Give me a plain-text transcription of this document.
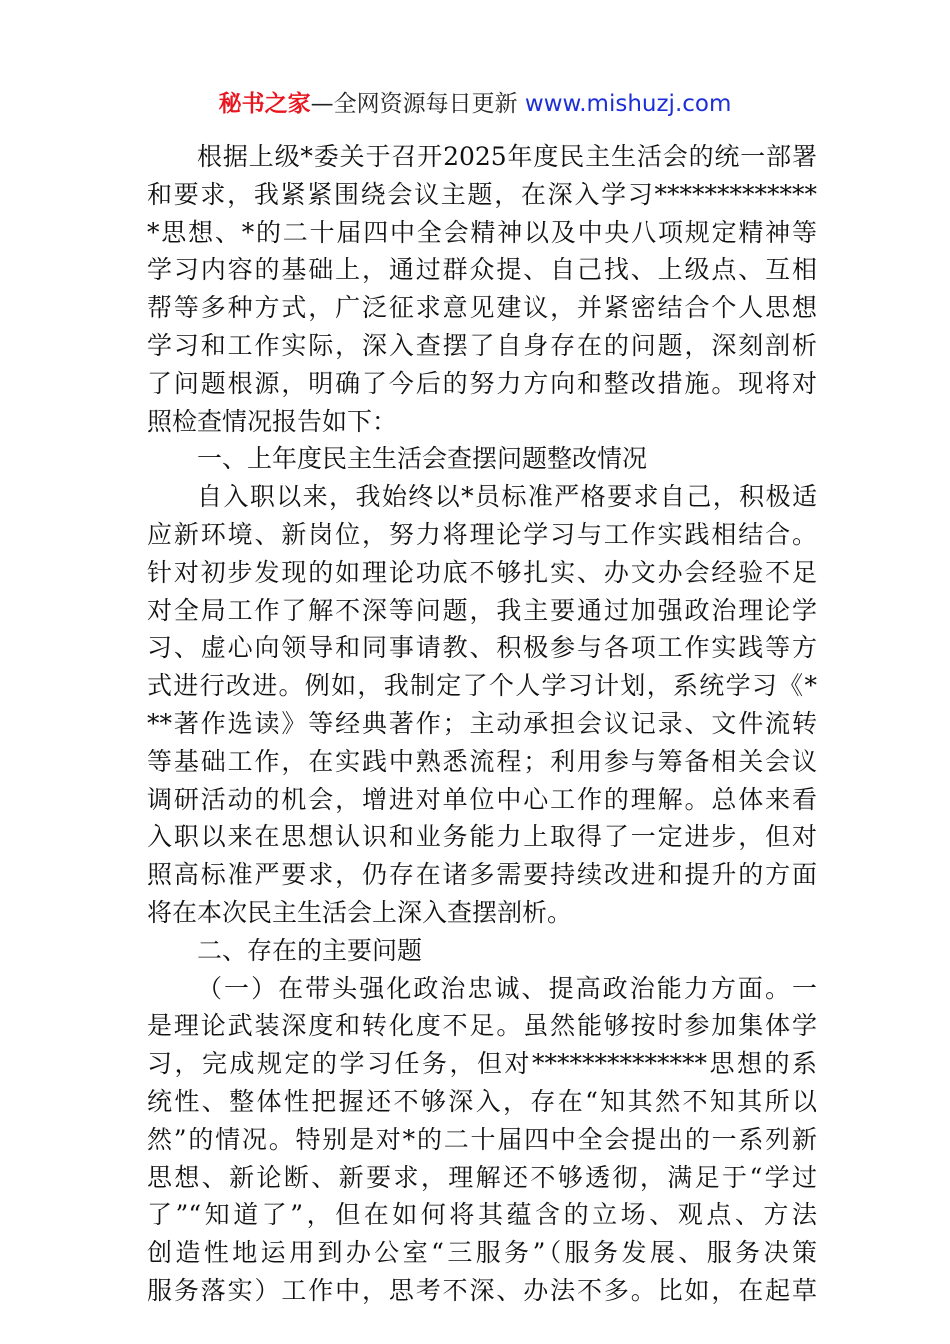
秘书之家—全网资源每日更新 www.mishuzj.com
根据上级*委关于召开2025年度民主生活会的统一部署
和要求，我紧紧围绕会议主题，在深入学习*************
*思想、*的二十届四中全会精神以及中央八项规定精神等
学习内容的基础上，通过群众提、自己找、上级点、互相
帮等多种方式，广泛征求意见建议，并紧密结合个人思想
学习和工作实际，深入查摆了自身存在的问题，深刻剖析
了问题根源，明确了今后的努力方向和整改措施。现将对
照检查情况报告如下：
一、上年度民主生活会查摆问题整改情况
自入职以来，我始终以*员标准严格要求自己，积极适
应新环境、新岗位，努力将理论学习与工作实践相结合。
针对初步发现的如理论功底不够扎实、办文办会经验不足
对全局工作了解不深等问题，我主要通过加强政治理论学
习、虚心向领导和同事请教、积极参与各项工作实践等方
式进行改进。例如，我制定了个人学习计划，系统学习《*
**著作选读》等经典著作；主动承担会议记录、文件流转
等基础工作，在实践中熟悉流程；利用参与筹备相关会议
调研活动的机会，增进对单位中心工作的理解。总体来看
入职以来在思想认识和业务能力上取得了一定进步，但对
照高标准严要求，仍存在诸多需要持续改进和提升的方面
将在本次民主生活会上深入查摆剖析。
二、存在的主要问题
（一）在带头强化政治忠诚、提高政治能力方面。一
是理论武装深度和转化度不足。虽然能够按时参加集体学
习，完成规定的学习任务，但对**************思想的系
统性、整体性把握还不够深入，存在“知其然不知其所以
然”的情况。特别是对*的二十届四中全会提出的一系列新
思想、新论断、新要求，理解还不够透彻，满足于“学过
了”“知道了”，但在如何将其蕴含的立场、观点、方法
创造性地运用到办公室“三服务”（服务发展、服务决策
服务落实）工作中，思考不深、办法不多。比如，在起草
